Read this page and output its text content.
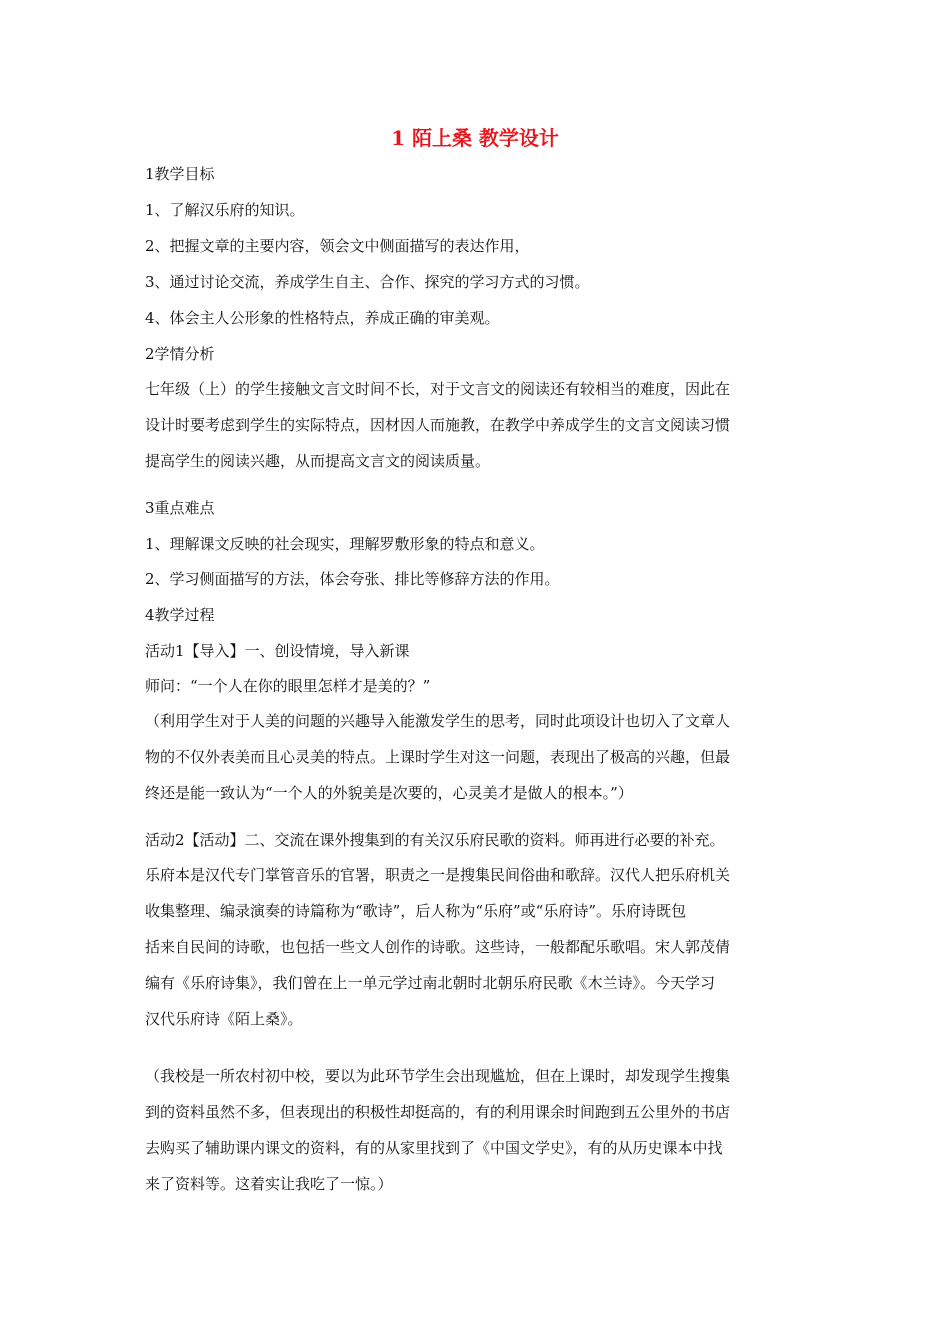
1 陌上桑 教学设计
1教学目标
1、了解汉乐府的知识。
2、把握文章的主要内容，领会文中侧面描写的表达作用，
3、通过讨论交流，养成学生自主、合作、探究的学习方式的习惯。
4、体会主人公形象的性格特点，养成正确的审美观。
2学情分析
七年级（上）的学生接触文言文时间不长，对于文言文的阅读还有较相当的难度，因此在
设计时要考虑到学生的实际特点，因材因人而施教，在教学中养成学生的文言文阅读习惯
提高学生的阅读兴趣，从而提高文言文的阅读质量。
3重点难点
1、理解课文反映的社会现实，理解罗敷形象的特点和意义。
2、学习侧面描写的方法，体会夸张、排比等修辞方法的作用。
4教学过程
活动1【导入】一、创设情境，导入新课
师问：“一个人在你的眼里怎样才是美的？”
（利用学生对于人美的问题的兴趣导入能激发学生的思考，同时此项设计也切入了文章人
物的不仅外表美而且心灵美的特点。上课时学生对这一问题，表现出了极高的兴趣，但最
终还是能一致认为“一个人的外貌美是次要的，心灵美才是做人的根本。”）
活动2【活动】二、交流在课外搜集到的有关汉乐府民歌的资料。师再进行必要的补充。
乐府本是汉代专门掌管音乐的官署，职责之一是搜集民间俗曲和歌辞。汉代人把乐府机关
收集整理、编录演奏的诗篇称为“歌诗”，后人称为“乐府”或“乐府诗”。乐府诗既包
括来自民间的诗歌，也包括一些文人创作的诗歌。这些诗，一般都配乐歌唱。宋人郭茂倩
编有《乐府诗集》，我们曾在上一单元学过南北朝时北朝乐府民歌《木兰诗》。今天学习
汉代乐府诗《陌上桑》。
（我校是一所农村初中校，要以为此环节学生会出现尴尬，但在上课时，却发现学生搜集
到的资料虽然不多，但表现出的积极性却挺高的，有的利用课余时间跑到五公里外的书店
去购买了辅助课内课文的资料，有的从家里找到了《中国文学史》，有的从历史课本中找
来了资料等。这着实让我吃了一惊。）
